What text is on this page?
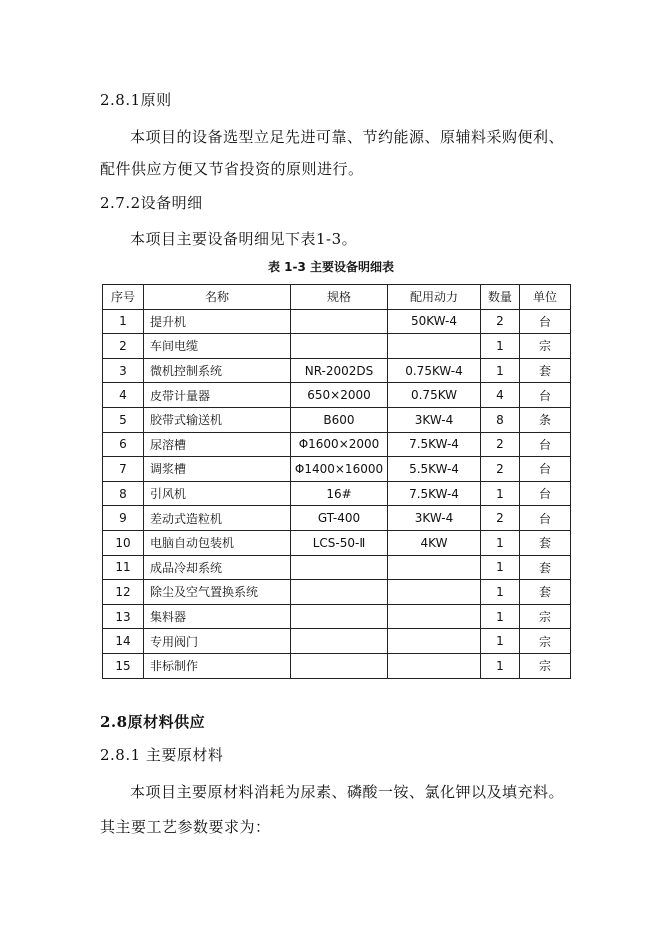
2.8.1原则
本项目的设备选型立足先进可靠、节约能源、原辅料采购便利、
配件供应方便又节省投资的原则进行。
2.7.2设备明细
本项目主要设备明细见下表1-3。
表 1-3 主要设备明细表
序号	名称	规格	配用动力	数量	单位
1	提升机		50KW-4	2	台
2	车间电缆			1	宗
3	微机控制系统	NR-2002DS	0.75KW-4	1	套
4	皮带计量器	650×2000	0.75KW	4	台
5	胶带式输送机	B600	3KW-4	8	条
6	尿溶槽	Φ1600×2000	7.5KW-4	2	台
7	调浆槽	Φ1400×16000	5.5KW-4	2	台
8	引风机	16#	7.5KW-4	1	台
9	差动式造粒机	GT-400	3KW-4	2	台
10	电脑自动包装机	LCS-50-Ⅱ	4KW	1	套
11	成品冷却系统			1	套
12	除尘及空气置换系统			1	套
13	集料器			1	宗
14	专用阀门			1	宗
15	非标制作			1	宗
2.8原材料供应
2.8.1 主要原材料
本项目主要原材料消耗为尿素、磷酸一铵、氯化钾以及填充料。
其主要工艺参数要求为：
